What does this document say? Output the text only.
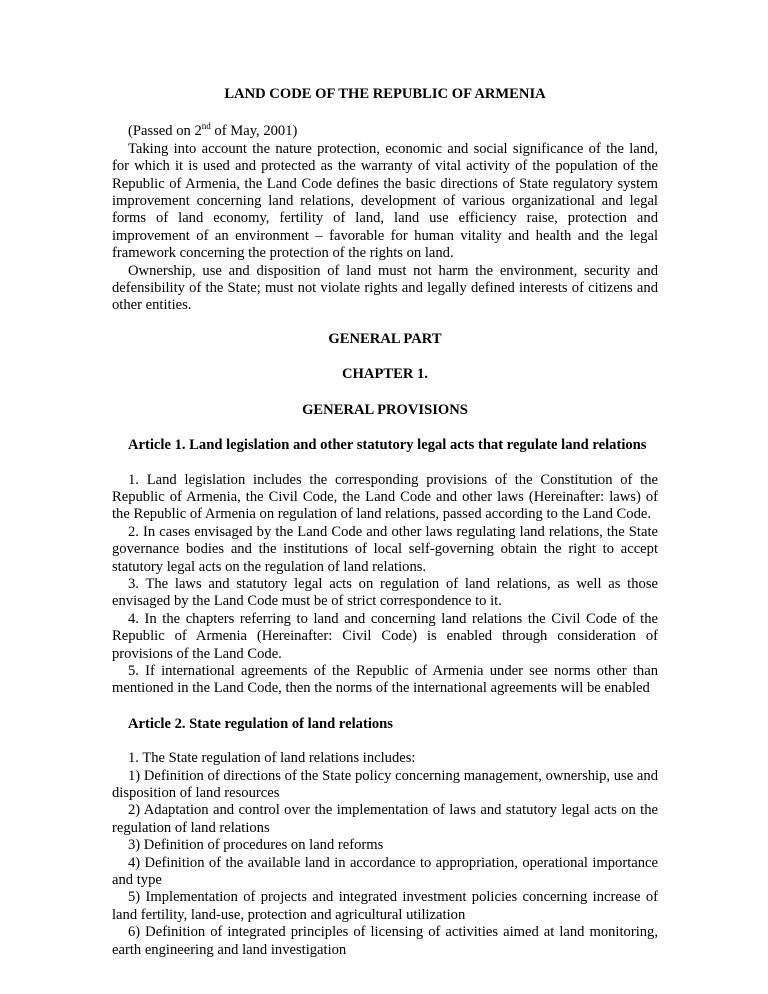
LAND CODE OF THE REPUBLIC OF ARMENIA

(Passed on 2nd of May, 2001)

Taking into account the nature protection, economic and social significance of the land, for which it is used and protected as the warranty of vital activity of the population of the Republic of Armenia, the Land Code defines the basic directions of State regulatory system improvement concerning land relations, development of various organizational and legal forms of land economy, fertility of land, land use efficiency raise, protection and improvement of an environment – favorable for human vitality and health and the legal framework concerning the protection of the rights on land.

Ownership, use and disposition of land must not harm the environment, security and defensibility of the State; must not violate rights and legally defined interests of citizens and other entities.

GENERAL PART
CHAPTER 1.
GENERAL PROVISIONS

Article 1. Land legislation and other statutory legal acts that regulate land relations

1. Land legislation includes the corresponding provisions of the Constitution of the Republic of Armenia, the Civil Code, the Land Code and other laws (Hereinafter: laws) of the Republic of Armenia on regulation of land relations, passed according to the Land Code.

2. In cases envisaged by the Land Code and other laws regulating land relations, the State governance bodies and the institutions of local self-governing obtain the right to accept statutory legal acts on the regulation of land relations.

3. The laws and statutory legal acts on regulation of land relations, as well as those envisaged by the Land Code must be of strict correspondence to it.

4. In the chapters referring to land and concerning land relations the Civil Code of the Republic of Armenia (Hereinafter: Civil Code) is enabled through consideration of provisions of the Land Code.

5. If international agreements of the Republic of Armenia under see norms other than mentioned in the Land Code, then the norms of the international agreements will be enabled

Article 2. State regulation of land relations

1. The State regulation of land relations includes:

1) Definition of directions of the State policy concerning management, ownership, use and disposition of land resources

2) Adaptation and control over the implementation of laws and statutory legal acts on the regulation of land relations

3) Definition of procedures on land reforms

4) Definition of the available land in accordance to appropriation, operational importance and type

5) Implementation of projects and integrated investment policies concerning increase of land fertility, land-use, protection and agricultural utilization

6) Definition of integrated principles of licensing of activities aimed at land monitoring, earth engineering and land investigation
